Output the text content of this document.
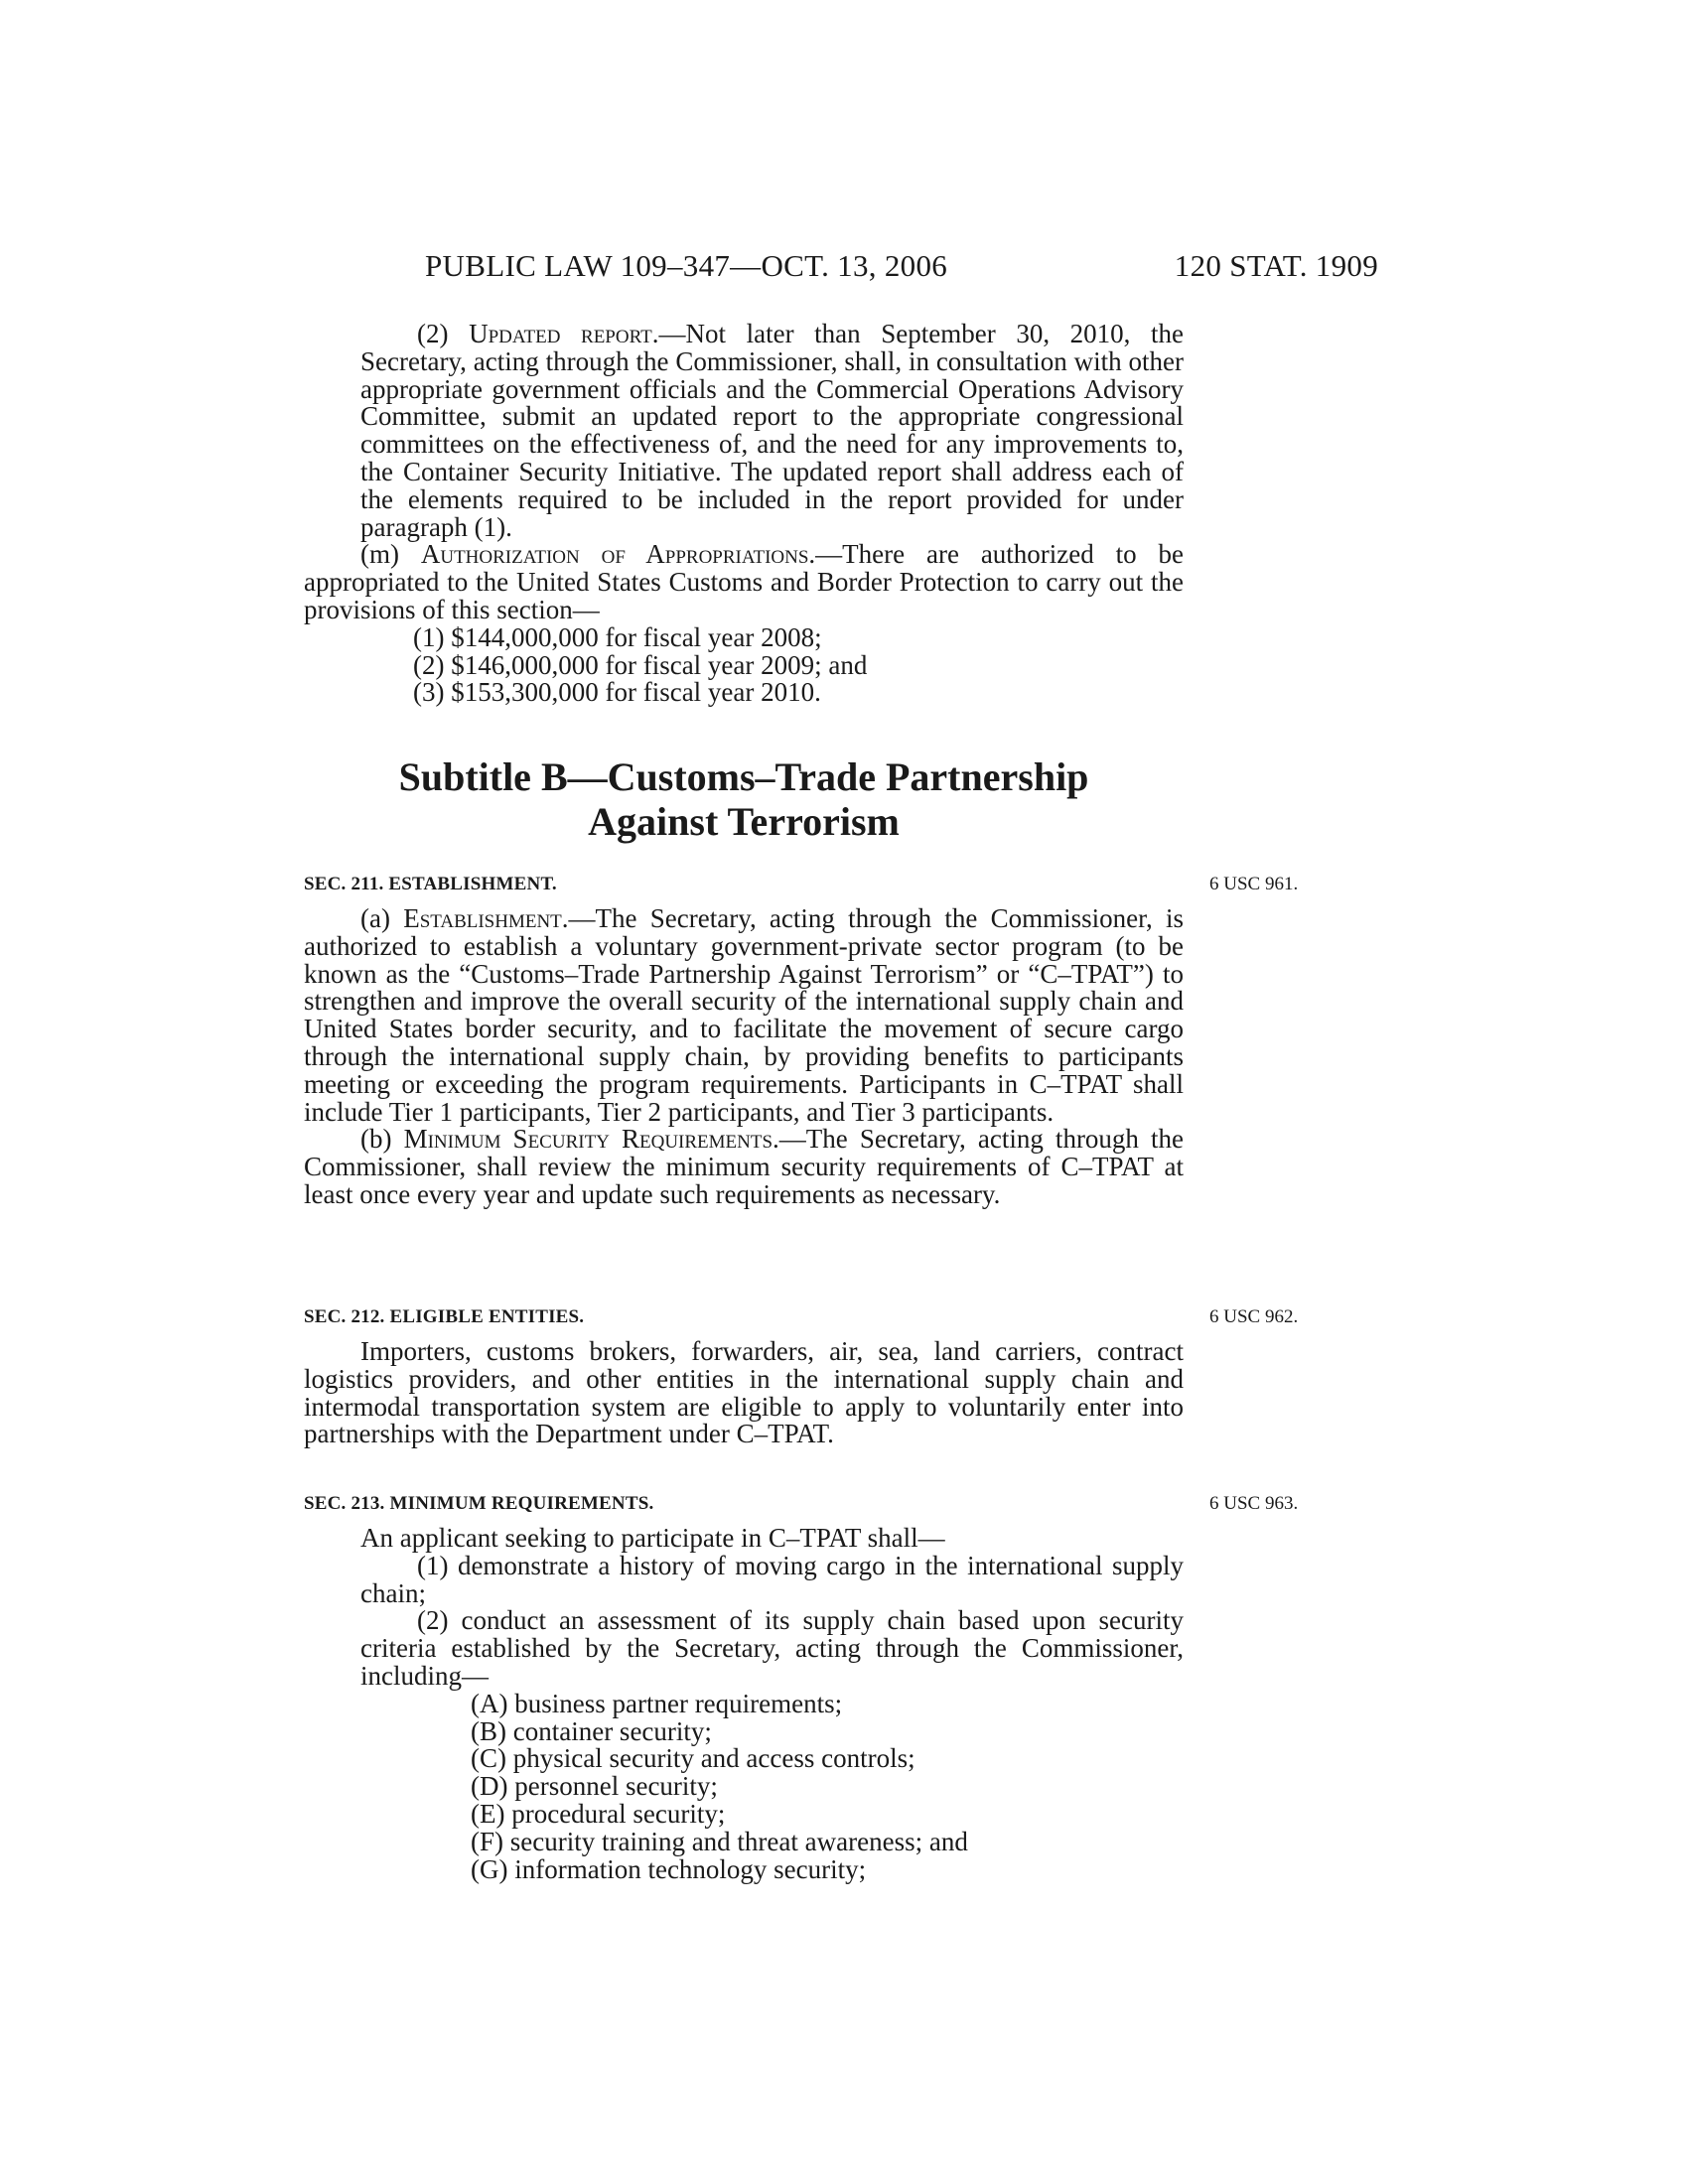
PUBLIC LAW 109–347—OCT. 13, 2006	120 STAT. 1909

(2) Updated report.—Not later than September 30, 2010, the Secretary, acting through the Commissioner, shall, in consultation with other appropriate government officials and the Commercial Operations Advisory Committee, submit an updated report to the appropriate congressional committees on the effectiveness of, and the need for any improvements to, the Container Security Initiative. The updated report shall address each of the elements required to be included in the report provided for under paragraph (1).

(m) Authorization of Appropriations.—There are authorized to be appropriated to the United States Customs and Border Protection to carry out the provisions of this section—

(1) $144,000,000 for fiscal year 2008;

(2) $146,000,000 for fiscal year 2009; and

(3) $153,300,000 for fiscal year 2010.

Subtitle B—Customs–Trade Partnership
Against Terrorism
SEC. 211. ESTABLISHMENT.	6 USC 961.

(a) Establishment.—The Secretary, acting through the Commissioner, is authorized to establish a voluntary government-private sector program (to be known as the “Customs–Trade Partnership Against Terrorism” or “C–TPAT”) to strengthen and improve the overall security of the international supply chain and United States border security, and to facilitate the movement of secure cargo through the international supply chain, by providing benefits to participants meeting or exceeding the program requirements. Participants in C–TPAT shall include Tier 1 participants, Tier 2 participants, and Tier 3 participants.

(b) Minimum Security Requirements.—The Secretary, acting through the Commissioner, shall review the minimum security requirements of C–TPAT at least once every year and update such requirements as necessary.

SEC. 212. ELIGIBLE ENTITIES.	6 USC 962.

Importers, customs brokers, forwarders, air, sea, land carriers, contract logistics providers, and other entities in the international supply chain and intermodal transportation system are eligible to apply to voluntarily enter into partnerships with the Department under C–TPAT.

SEC. 213. MINIMUM REQUIREMENTS.	6 USC 963.

An applicant seeking to participate in C–TPAT shall—

(1) demonstrate a history of moving cargo in the international supply chain;

(2) conduct an assessment of its supply chain based upon security criteria established by the Secretary, acting through the Commissioner, including—

(A) business partner requirements;

(B) container security;

(C) physical security and access controls;

(D) personnel security;

(E) procedural security;

(F) security training and threat awareness; and

(G) information technology security;
